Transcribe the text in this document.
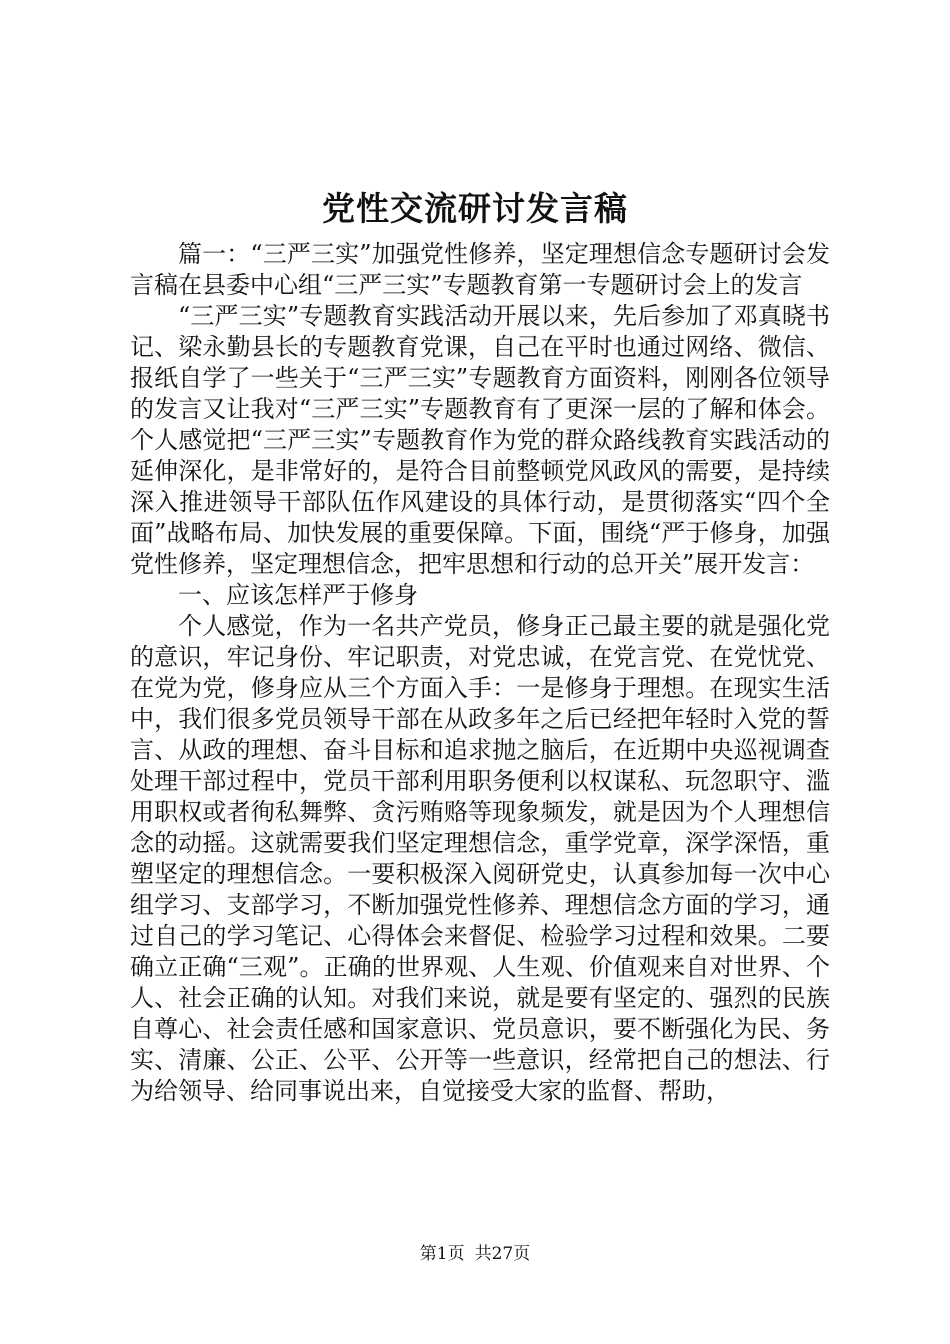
党性交流研讨发言稿

篇一：“三严三实”加强党性修养，坚定理想信念专题研讨会发言稿在县委中心组“三严三实”专题教育第一专题研讨会上的发言

“三严三实”专题教育实践活动开展以来，先后参加了邓真晓书记、梁永勤县长的专题教育党课，自己在平时也通过网络、微信、报纸自学了一些关于“三严三实”专题教育方面资料，刚刚各位领导的发言又让我对“三严三实”专题教育有了更深一层的了解和体会。个人感觉把“三严三实”专题教育作为党的群众路线教育实践活动的延伸深化，是非常好的，是符合目前整顿党风政风的需要，是持续深入推进领导干部队伍作风建设的具体行动，是贯彻落实“四个全面”战略布局、加快发展的重要保障。下面，围绕“严于修身，加强党性修养，坚定理想信念，把牢思想和行动的总开关”展开发言：

一、应该怎样严于修身

个人感觉，作为一名共产党员，修身正己最主要的就是强化党的意识，牢记身份、牢记职责，对党忠诚，在党言党、在党忧党、在党为党，修身应从三个方面入手：一是修身于理想。在现实生活中，我们很多党员领导干部在从政多年之后已经把年轻时入党的誓言、从政的理想、奋斗目标和追求抛之脑后，在近期中央巡视调查处理干部过程中，党员干部利用职务便利以权谋私、玩忽职守、滥用职权或者徇私舞弊、贪污贿赂等现象频发，就是因为个人理想信念的动摇。这就需要我们坚定理想信念，重学党章，深学深悟，重塑坚定的理想信念。一要积极深入阅研党史，认真参加每一次中心组学习、支部学习，不断加强党性修养、理想信念方面的学习，通过自己的学习笔记、心得体会来督促、检验学习过程和效果。二要确立正确“三观”。正确的世界观、人生观、价值观来自对世界、个人、社会正确的认知。对我们来说，就是要有坚定的、强烈的民族自尊心、社会责任感和国家意识、党员意识，要不断强化为民、务实、清廉、公正、公平、公开等一些意识，经常把自己的想法、行为给领导、给同事说出来，自觉接受大家的监督、帮助，

第1页 共27页
